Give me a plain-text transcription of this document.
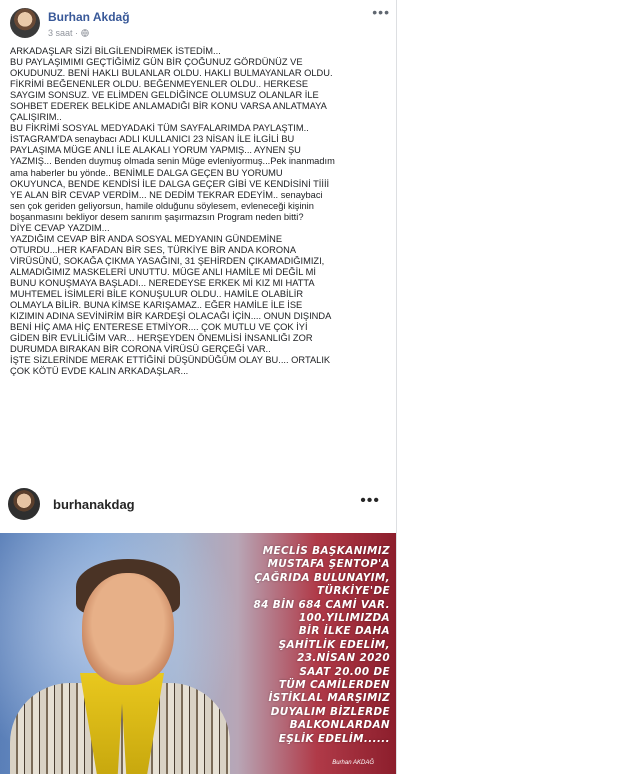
Burhan Akdağ
3 saat ·
•••
ARKADAŞLAR SİZİ BİLGİLENDİRMEK İSTEDİM...
BU PAYLAŞIMIMI GEÇTİĞİMİZ GÜN BİR ÇOĞUNUZ GÖRDÜNÜZ VE
OKUDUNUZ. BENİ HAKLI BULANLAR OLDU. HAKLI BULMAYANLAR OLDU.
FİKRİMİ BEĞENENLER OLDU. BEĞENMEYENLER OLDU.. HERKESE
SAYGIM SONSUZ. VE ELİMDEN GELDİĞİNCE OLUMSUZ OLANLAR İLE
SOHBET EDEREK BELKİDE ANLAMADIĞI BİR KONU VARSA ANLATMAYA
ÇALIŞIRIM..
BU FİKRİMİ SOSYAL MEDYADAKİ TÜM SAYFALARIMDA PAYLAŞTIM..
İSTAGRAM'DA senaybacı ADLI KULLANICI 23 NİSAN İLE İLGİLİ BU
PAYLAŞIMA MÜGE ANLI İLE ALAKALI YORUM YAPMIŞ... AYNEN ŞU
YAZMIŞ... Benden duymuş olmada senin Müge evleniyormuş...Pek inanmadım
ama haberler bu yönde.. BENİMLE DALGA GEÇEN BU YORUMU
OKUYUNCA, BENDE KENDİSİ İLE DALGA GEÇER GİBİ VE KENDİSİNİ Tİİİİ
YE ALAN BİR CEVAP VERDİM... NE DEDİM TEKRAR EDEYİM.. senaybaci
sen çok geriden geliyorsun, hamile olduğunu söylesem, evleneceği kişinin
boşanmasını bekliyor desem sanırım şaşırmazsın Program neden bitti?
DİYE CEVAP YAZDIM...
YAZDIĞIM CEVAP BİR ANDA SOSYAL MEDYANIN GÜNDEMİNE
OTURDU...HER KAFADAN BİR SES, TÜRKİYE BİR ANDA KORONA
VİRÜSÜNÜ, SOKAĞA ÇIKMA YASAĞINI, 31 ŞEHİRDEN ÇIKAMADIĞIMIZI,
ALMADIĞIMIZ MASKELERİ UNUTTU. MÜGE ANLI HAMİLE Mİ DEĞİL Mİ
BUNU KONUŞMAYA BAŞLADI... NEREDEYSE ERKEK Mİ KIZ MI HATTA
MUHTEMEL İSİMLERİ BİLE KONUŞULUR OLDU.. HAMİLE OLABİLİR
OLMAYLA BİLİR. BUNA KİMSE KARIŞAMAZ.. EĞER HAMİLE İLE İSE
KIZIMIN ADINA SEVİNİRİM BİR KARDEŞİ OLACAĞI İÇİN.... ONUN DIŞINDA
BENİ HİÇ AMA HİÇ ENTERESE ETMİYOR.... ÇOK MUTLU VE ÇOK İYİ
GİDEN BİR EVLİLİĞİM VAR... HERŞEYDEN ÖNEMLİSİ İNSANLIĞI ZOR
DURUMDA BIRAKAN BİR CORONA VİRÜSÜ GERÇEĞİ VAR..
İŞTE SİZLERİNDE MERAK ETTİĞİNİ DÜŞÜNDÜĞÜM OLAY BU.... ORTALIK
ÇOK KÖTÜ EVDE KALIN ARKADAŞLAR...
burhanakdag	•••
MECLİS BAŞKANIMIZ
MUSTAFA ŞENTOP'A
ÇAĞRIDA BULUNAYIM,
TÜRKİYE'DE
84 BİN 684 CAMİ VAR.
100.YILIMIZDA
BİR İLKE DAHA
ŞAHİTLİK EDELİM,
23.NİSAN 2020
SAAT 20.00 DE
TÜM CAMİLERDEN
İSTİKLAL MARŞIMIZ
DUYALIM BİZLERDE
BALKONLARDAN
EŞLİK EDELİM......
Burhan AKDAĞ
